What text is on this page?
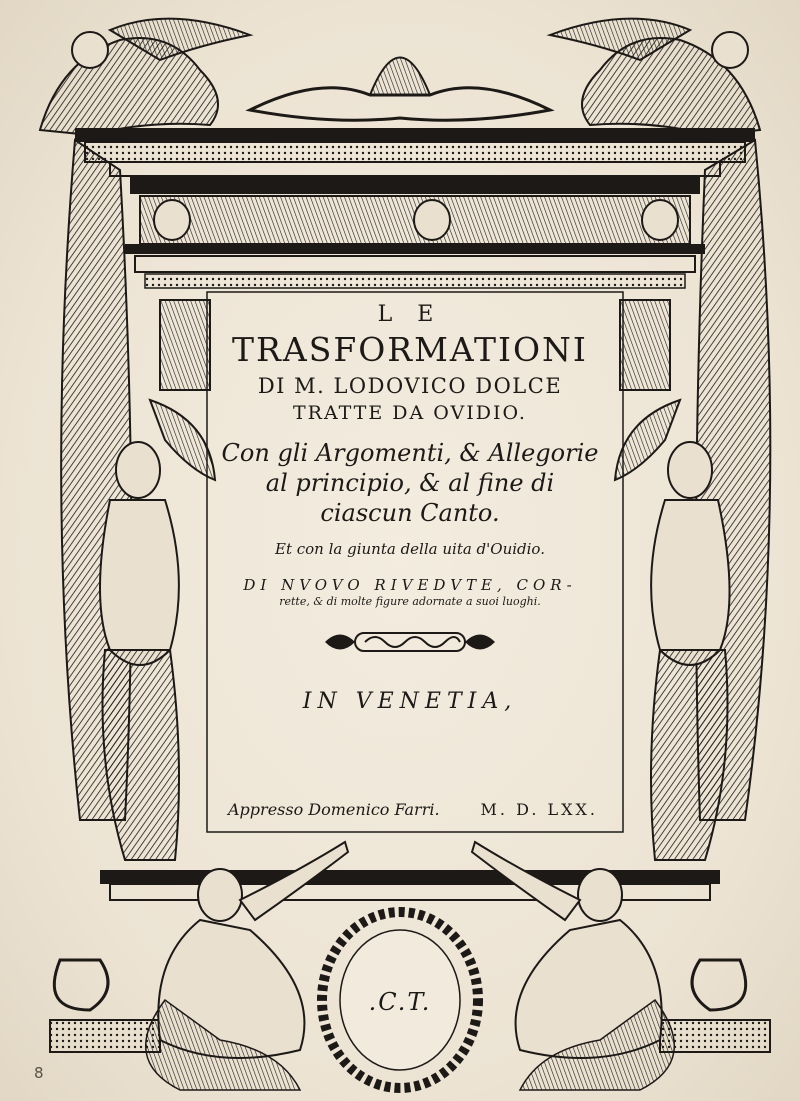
L E

TRASFORMATIONI

DI M. LODOVICO DOLCE

TRATTE DA OVIDIO.

Con gli Argomenti, & Allegorie

al principio, & al fine di

ciascun Canto.

Et con la giunta della uita d'Ouidio.

DI NVOVO RIVEDVTE, COR-

rette, & di molte figure adornate a suoi luoghi.

IN VENETIA,

Appresso Domenico Farri.	M. D. LXX.
.C.T.
8
